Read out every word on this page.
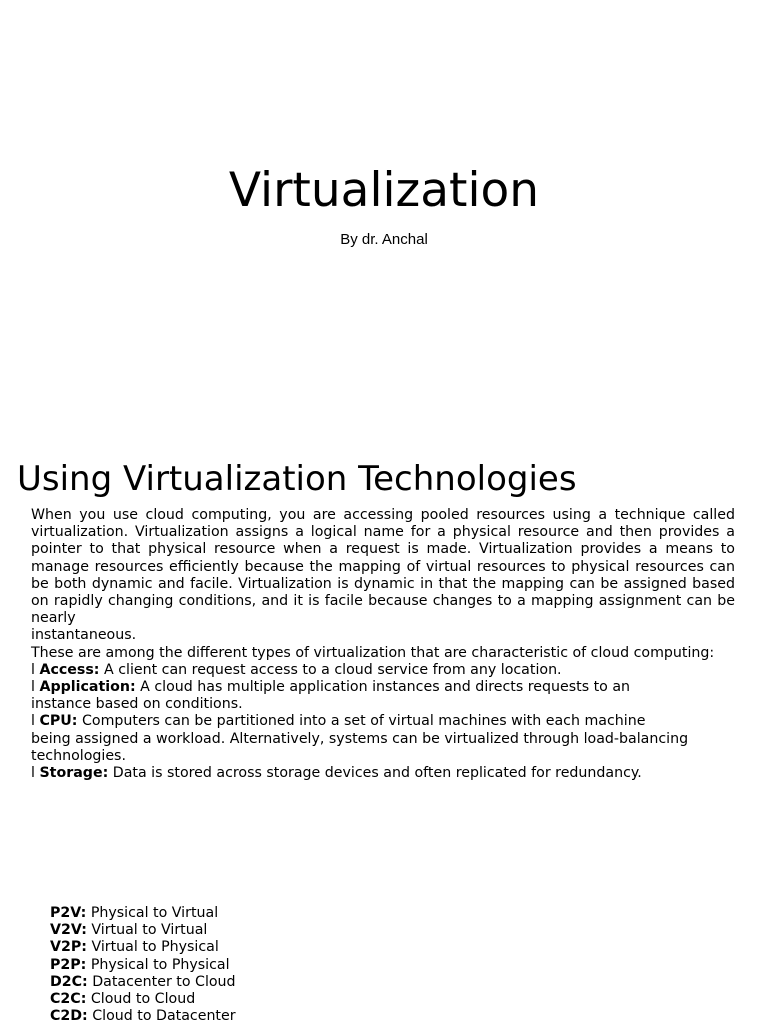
Virtualization
By dr. Anchal
Using Virtualization Technologies

When you use cloud computing, you are accessing pooled resources using a technique called virtualization. Virtualization assigns a logical name for a physical resource and then provides a pointer to that physical resource when a request is made. Virtualization provides a means to manage resources efficiently because the mapping of virtual resources to physical resources can be both dynamic and facile. Virtualization is dynamic in that the mapping can be assigned based on rapidly changing conditions, and it is facile because changes to a mapping assignment can be nearly

instantaneous.

These are among the different types of virtualization that are characteristic of cloud computing:

l Access: A client can request access to a cloud service from any location.
l Application: A cloud has multiple application instances and directs requests to an
instance based on conditions.
l CPU: Computers can be partitioned into a set of virtual machines with each machine
being assigned a workload. Alternatively, systems can be virtualized through load-balancing
technologies.
l Storage: Data is stored across storage devices and often replicated for redundancy.
P2V: Physical to Virtual
V2V: Virtual to Virtual
V2P: Virtual to Physical
P2P: Physical to Physical
D2C: Datacenter to Cloud
C2C: Cloud to Cloud
C2D: Cloud to Datacenter
